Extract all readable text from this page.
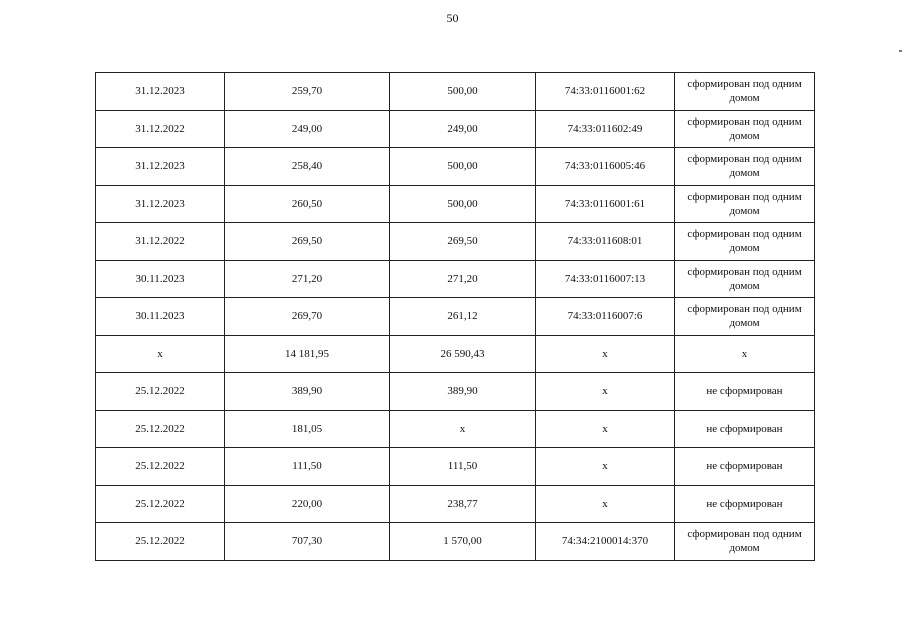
50
31.12.2023	259,70	500,00	74:33:0116001:62	сформирован под одним домом
31.12.2022	249,00	249,00	74:33:011602:49	сформирован под одним домом
31.12.2023	258,40	500,00	74:33:0116005:46	сформирован под одним домом
31.12.2023	260,50	500,00	74:33:0116001:61	сформирован под одним домом
31.12.2022	269,50	269,50	74:33:011608:01	сформирован под одним домом
30.11.2023	271,20	271,20	74:33:0116007:13	сформирован под одним домом
30.11.2023	269,70	261,12	74:33:0116007:6	сформирован под одним домом
х	14 181,95	26 590,43	х	х
25.12.2022	389,90	389,90	х	не сформирован
25.12.2022	181,05	х	х	не сформирован
25.12.2022	111,50	111,50	х	не сформирован
25.12.2022	220,00	238,77	х	не сформирован
25.12.2022	707,30	1 570,00	74:34:2100014:370	сформирован под одним домом
